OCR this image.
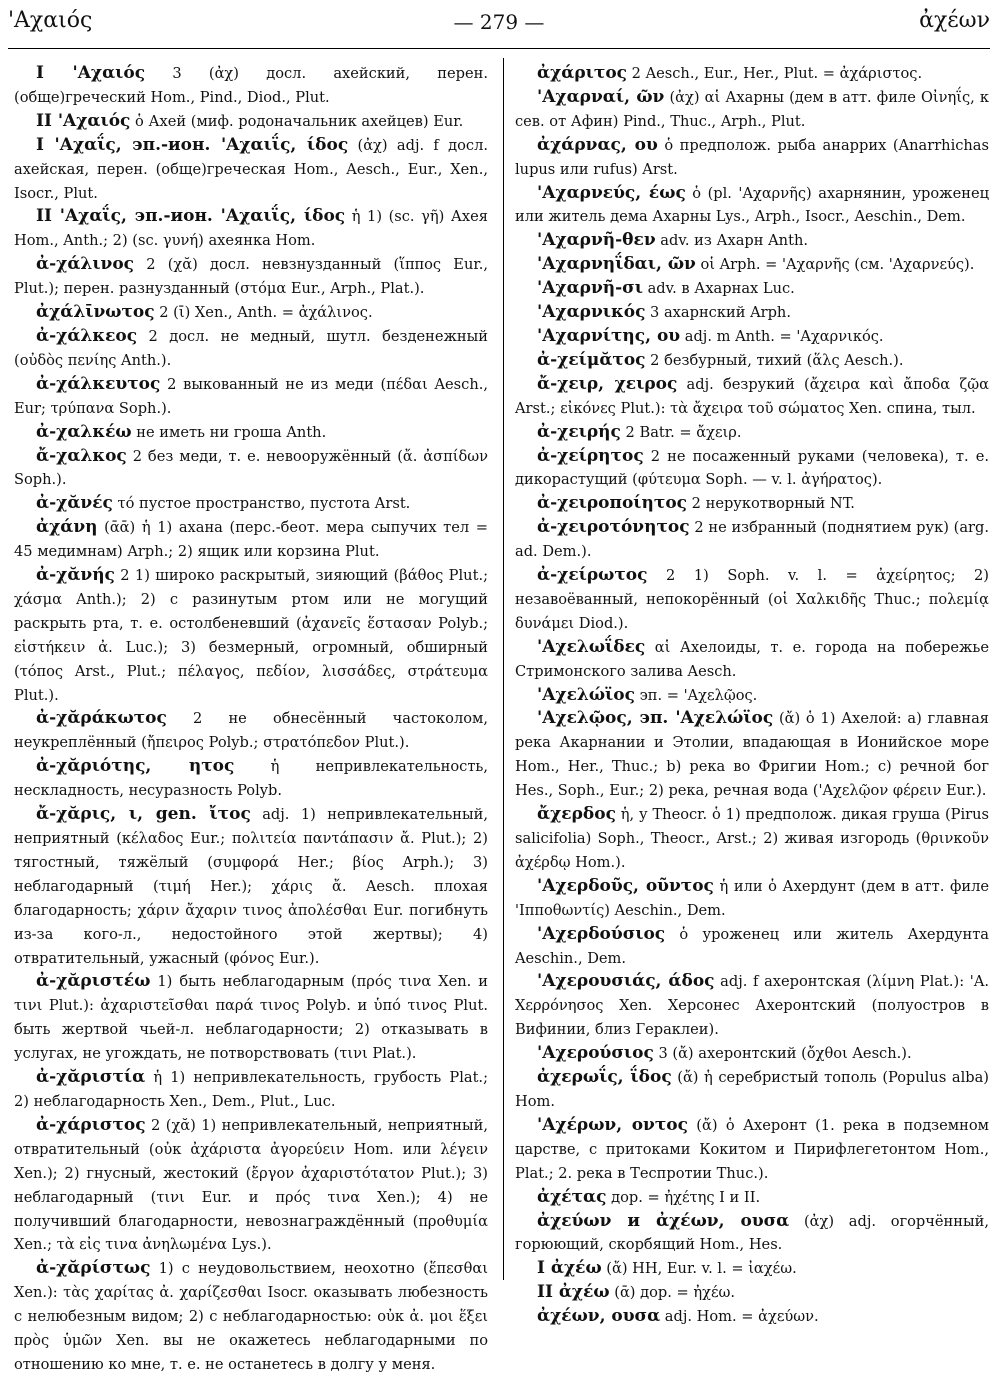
'Αχαιός	— 279 —	ἀχέων

I 'Αχαιός 3 (ἀχ) досл. ахейский, перен. (обще)греческий Hom., Pind., Diod., Plut.

II 'Αχαιός ὁ Ахей (миф. родоначальник ахейцев) Eur.

I 'Αχαΐς, эп.-ион. 'Αχαιΐς, ίδος (ἀχ) adj. f досл. ахейская, перен. (обще)греческая Hom., Aesch., Eur., Xen., Isocr., Plut.

II 'Αχαΐς, эп.-ион. 'Αχαιΐς, ίδος ἡ 1) (sc. γῆ) Ахея Hom., Anth.; 2) (sc. γυνή) ахеянка Hom.

ἀ-χάλινος 2 (χᾰ) досл. невзнузданный (ἵππος Eur., Plut.); перен. разнузданный (στόμα Eur., Arph., Plat.).

ἀχάλῑνωτος 2 (ῑ) Xen., Anth. = ἀχάλινος.

ἀ-χάλκεος 2 досл. не медный, шутл. безденежный (οὐδὸς πενίης Anth.).

ἀ-χάλκευτος 2 выкованный не из меди (πέδαι Aesch., Eur; τρύπανα Soph.).

ἀ-χαλκέω не иметь ни гроша Anth.

ἄ-χαλκος 2 без меди, т. е. невооружённый (ἄ. ἀσπίδων Soph.).

ἀ-χᾰνές τό пустое пространство, пустота Arst.

ἀχάνη (ᾱᾱ) ἡ 1) ахана (перс.-беот. мера сыпучих тел = 45 медимнам) Arph.; 2) ящик или корзина Plut.

ἀ-χᾰνής 2 1) широко раскрытый, зияющий (βάθος Plut.; χάσμα Anth.); 2) с разинутым ртом или не могущий раскрыть рта, т. е. остолбеневший (ἀχανεῖς ἕστασαν Polyb.; εἰστήκειν ἀ. Luc.); 3) безмерный, огромный, обширный (τόπος Arst., Plut.; πέλαγος, πεδίον, λισσάδες, στράτευμα Plut.).

ἀ-χᾰράκωτος 2 не обнесённый частоколом, неукреплённый (ἤπειρος Polyb.; στρατόπεδον Plut.).

ἀ-χᾰριότης, ητος ἡ непривлекательность, нескладность, несуразность Polyb.

ἄ-χᾰρις, ι, gen. ἴτος adj. 1) непривлекательный, неприятный (κέλαδος Eur.; πολιτεία παντάπασιν ἄ. Plut.); 2) тягостный, тяжёлый (συμφορά Her.; βίος Arph.); 3) неблагодарный (τιμή Her.); χάρις ἄ. Aesch. плохая благодарность; χάριν ἄχαριν τινος ἀπολέσθαι Eur. погибнуть из-за кого-л., недостойного этой жертвы); 4) отвратительный, ужасный (φόνος Eur.).

ἀ-χᾰριστέω 1) быть неблагодарным (πρός τινα Xen. и τινι Plut.): ἀχαριστεῖσθαι παρά τινος Polyb. и ὑπό τινος Plut. быть жертвой чьей-л. неблагодарности; 2) отказывать в услугах, не угождать, не потворствовать (τινι Plat.).

ἀ-χᾰριστία ἡ 1) непривлекательность, грубость Plat.; 2) неблагодарность Xen., Dem., Plut., Luc.

ἀ-χάριστος 2 (χᾰ) 1) непривлекательный, неприятный, отвратительный (οὐκ ἀχάριστα ἀγορεύειν Hom. или λέγειν Xen.); 2) гнусный, жестокий (ἔργον ἀχαριστότατον Plut.); 3) неблагодарный (τινι Eur. и πρός τινα Xen.); 4) не получивший благодарности, невознаграждённый (προθυμία Xen.; τὰ εἰς τινα ἀνηλωμένα Lys.).

ἀ-χᾰρίστως 1) с неудовольствием, неохотно (ἕπεσθαι Xen.): τὰς χαρίτας ἀ. χαρίζεσθαι Isocr. оказывать любезность с нелюбезным видом; 2) с неблагодарностью: οὐκ ἀ. μοι ἕξει πρὸς ὑμῶν Xen. вы не окажетесь неблагодарными по отношению ко мне, т. е. не останетесь в долгу у меня.

ἀχάριτος 2 Aesch., Eur., Her., Plut. = ἀχάριστος.

'Αχαρναί, ῶν (ἀχ) αἱ Ахарны (дем в атт. филе Οἰνηΐς, к сев. от Афин) Pind., Thuc., Arph., Plut.

ἀχάρνας, ου ὁ предполож. рыба анаррих (Anarrhichas lupus или rufus) Arst.

'Αχαρνεύς, έως ὁ (pl. 'Αχαρνῆς) ахарнянин, уроженец или житель дема Ахарны Lys., Arph., Isocr., Aeschin., Dem.

'Αχαρνῆ-θεν adv. из Ахарн Anth.

'Αχαρνηΐδαι, ῶν οἱ Arph. = 'Αχαρνῆς (см. 'Αχαρνεύς).

'Αχαρνῆ-σι adv. в Ахарнах Luc.

'Αχαρνικός 3 ахарнский Arph.

'Αχαρνίτης, ου adj. m Anth. = 'Αχαρνικός.

ἀ-χείμᾰτος 2 безбурный, тихий (ἅλς Aesch.).

ἄ-χειρ, χειρος adj. безрукий (ἄχειρα καὶ ἄποδα ζῷα Arst.; εἰκόνες Plut.): τὰ ἄχειρα τοῦ σώματος Xen. спина, тыл.

ἀ-χειρής 2 Batr. = ἄχειρ.

ἀ-χείρητος 2 не посаженный руками (человека), т. е. дикорастущий (φύτευμα Soph. — v. l. ἀγήρατος).

ἀ-χειροποίητος 2 нерукотворный NT.

ἀ-χειροτόνητος 2 не избранный (поднятием рук) (arg. ad. Dem.).

ἀ-χείρωτος 2 1) Soph. v. l. = ἀχείρητος; 2) незавоёванный, непокорённый (οἱ Χαλκιδῆς Thuc.; πολεμίᾳ δυνάμει Diod.).

'Αχελωΐδες αἱ Ахелоиды, т. е. города на побережье Стримонского залива Aesch.

'Αχελώϊος эп. = 'Αχελῷος.

'Αχελῷος, эп. 'Αχελώϊος (ἄ) ὁ 1) Ахелой: a) главная река Акарнании и Этолии, впадающая в Ионийское море Hom., Her., Thuc.; b) река во Фригии Hom.; c) речной бог Hes., Soph., Eur.; 2) река, речная вода ('Αχελῷον φέρειν Eur.).

ἄχερδος ἡ, у Theocr. ὁ 1) предполож. дикая груша (Pirus salicifolia) Soph., Theocr., Arst.; 2) живая изгородь (θρινκοῦν ἀχέρδῳ Hom.).

'Αχερδοῦς, οῦντος ἡ или ὁ Ахердунт (дем в атт. филе 'Ιπποθωντίς) Aeschin., Dem.

'Αχερδούσιος ὁ уроженец или житель Ахердунта Aeschin., Dem.

'Αχερουσιάς, άδος adj. f ахеронтская (λίμνη Plat.): 'Α. Χερρόνησος Xen. Херсонес Ахеронтский (полуостров в Вифинии, близ Гераклеи).

'Αχερούσιος 3 (ἄ) ахеронтский (ὄχθοι Aesch.).

ἀχερωΐς, ΐδος (ἄ) ἡ серебристый тополь (Populus alba) Hom.

'Αχέρων, οντος (ἄ) ὁ Ахеронт (1. река в подземном царстве, с притоками Кокитом и Пирифлегетонтом Hom., Plat.; 2. река в Теспротии Thuc.).

ἀχέτας дор. = ἠχέτης I и II.

ἀχεύων и ἀχέων, ουσα (ἀχ) adj. огорчённый, горюющий, скорбящий Hom., Hes.

I ἀχέω (ἄ) HH, Eur. v. l. = ἰαχέω.

II ἀχέω (ᾱ) дор. = ἠχέω.

ἀχέων, ουσα adj. Hom. = ἀχεύων.
